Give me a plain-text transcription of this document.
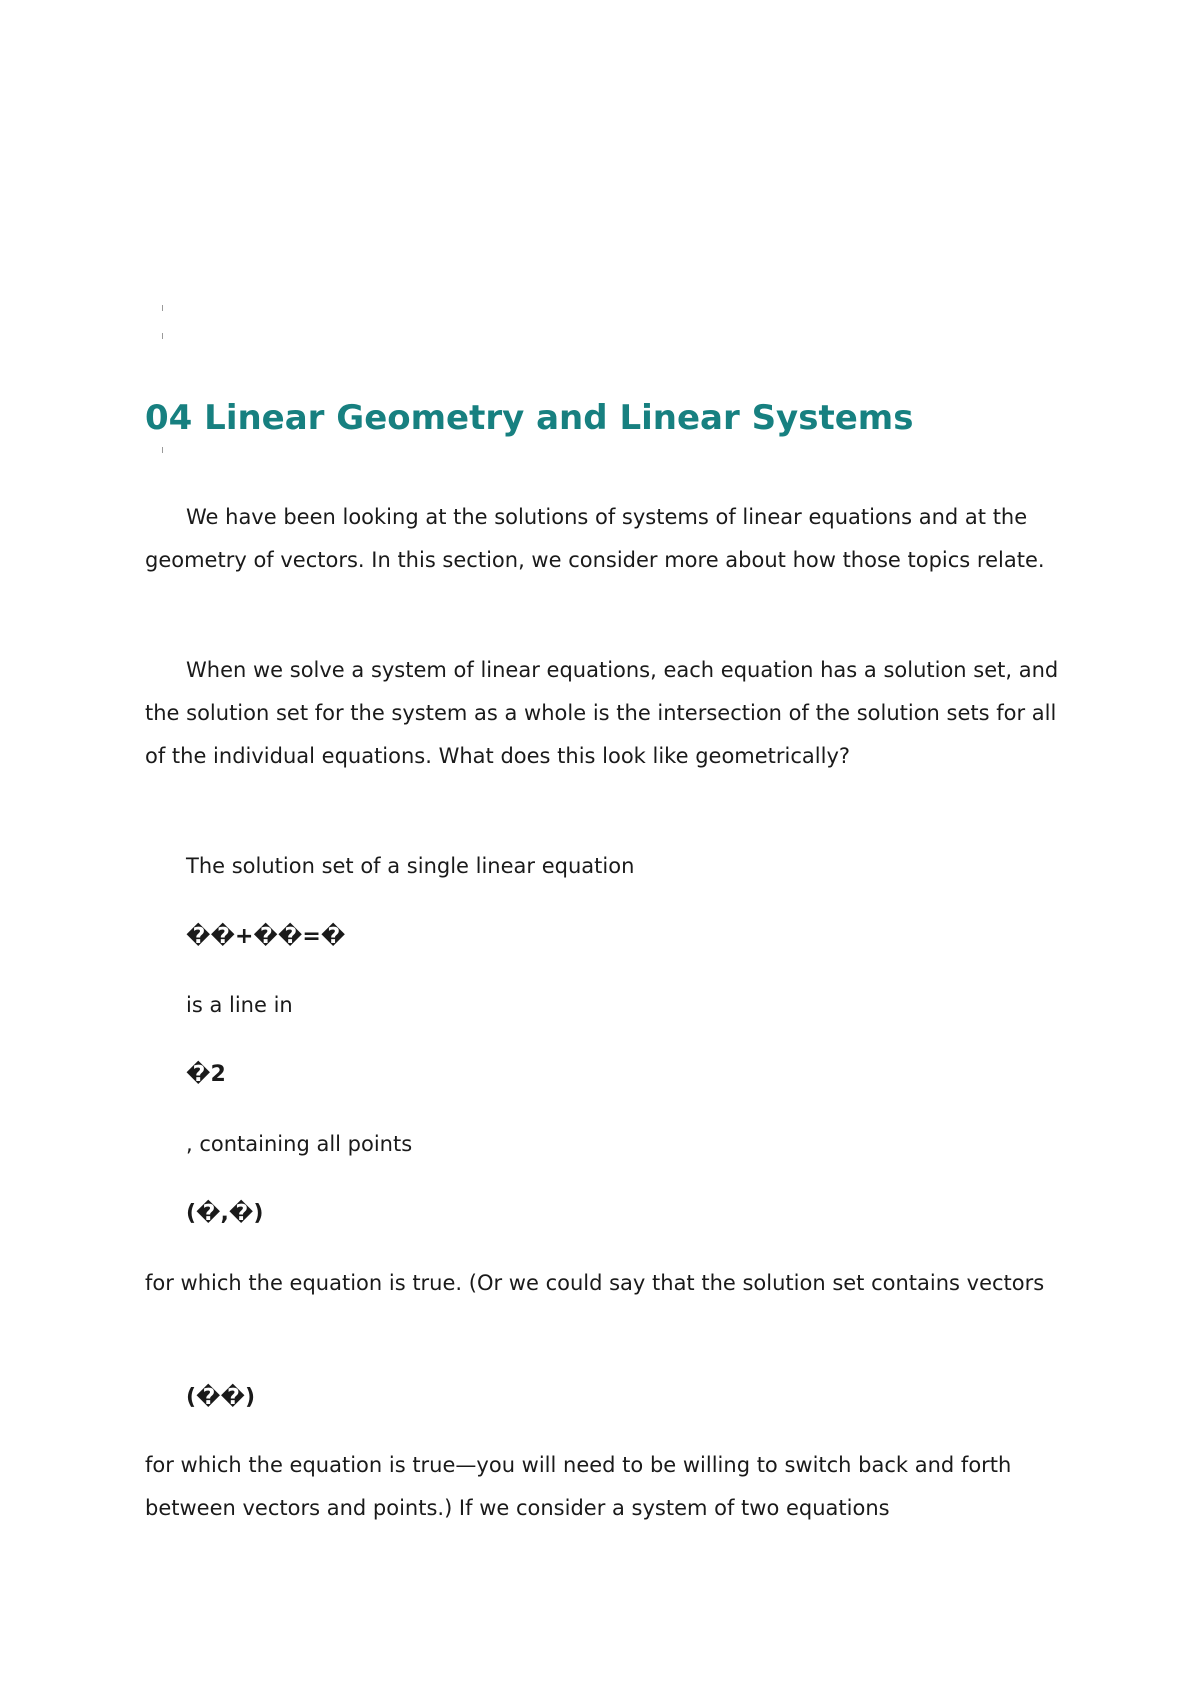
04 Linear Geometry and Linear Systems

We have been looking at the solutions of systems of linear equations and at the geometry of vectors. In this section, we consider more about how those topics relate.

When we solve a system of linear equations, each equation has a solution set, and the solution set for the system as a whole is the intersection of the solution sets for all of the individual equations. What does this look like geometrically?

The solution set of a single linear equation

��+��=�

is a line in

�2

, containing all points

(�,�)

for which the equation is true. (Or we could say that the solution set contains vectors

(��)

for which the equation is true—you will need to be willing to switch back and forth between vectors and points.) If we consider a system of two equations
